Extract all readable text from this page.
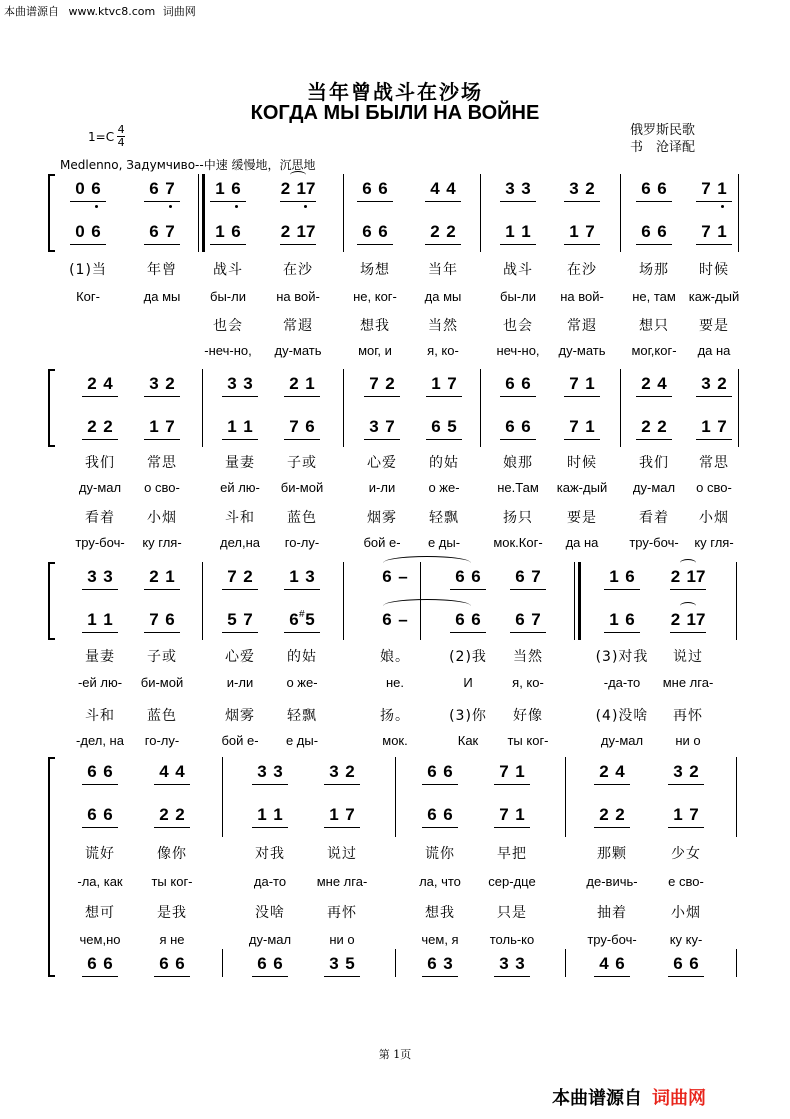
本曲谱源自 www.ktvc8.com 词曲网
当年曾战斗在沙场
КОГДА МЫ БЫЛИ НА ВОЙНЕ
1=C 4
4
俄罗斯民歌
书　沧译配
Medlenno, Задумчиво--中速 缓慢地，沉思地
0 6	6 7 1 6 2 17	6 6	4 4	3 3 3 2	6 6 7 1
0 6	6 7 1 6 2 17	6 6	2 2	1 1 1 7	6 6 7 1
(1)当	年曾	战斗	在沙	场想	当年	战斗	在沙	场那	时候
Ког-	да мы	бы-ли	на вой-	не, ког-	да мы	бы-ли	на вой-	не, там каж-дый
也会	常遐	想我	当然	也会	常遐	想只	要是
-неч-но,	ду-мать	мог, и	я, ко-	неч-но,	ду-мать	мог,ког-	да на
2 4 3 2	3 3 2 1	7 2 1 7	6 6 7 1	2 4 3 2
2 2 1 7	1 1 7 6	3 7 6 5	6 6 7 1	2 2 1 7
我们	常思	量妻	子或	心爱	的姑	娘那	时候	我们	常思
ду-мал	о сво-	ей лю-	би-мой	и-ли	о же-	не.Там	каж-дый	ду-мал	о сво-
看着	小烟	斗和	蓝色	烟雾	轻飘	扬只	要是	看着	小烟
тру-боч-	ку гля-	дел,на	го-лу-	бой е-	е ды-	мок.Ког-	да на	тру-боч-	ку гля-
3 3 2 1	7 2 1 3	6 –	6 6 6 7	1 6 2 17
1 1 7 6	5 7 6
# 5	6 –	6 6 6 7	1 6 2 17
量妻	子或	心爱	的姑	娘。	(2)我	当然	(3)对我	说过
-ей лю-	би-мой	и-ли	о же-	не.	И	я, ко-	-да-то	мне лга-
斗和	蓝色	烟雾	轻飘	扬。	(3)你	好像	(4)没啥	再怀
-дел, на	го-лу-	бой е-	е ды-	мок.	Как	ты ког-	ду-мал	ни о
6 6	4 4	3 3	3 2	6 6	7 1	2 4	3 2
6 6	2 2	1 1	1 7	6 6	7 1	2 2	1 7
6 6	6 6	6 6	3 5	6 3	3 3	4 6	6 6
谎好	像你	对我	说过	谎你	早把	那颗	少女
-ла, как	ты ког-	да-то	мне лга-	ла, что	сер-дце	де-вичь-	е сво-
想可	是我	没啥	再怀	想我	只是	抽着	小烟
чем,но	я не	ду-мал	ни о	чем, я	толь-ко	тру-боч-	ку ку-
第 1页
本曲谱源自 词曲网
